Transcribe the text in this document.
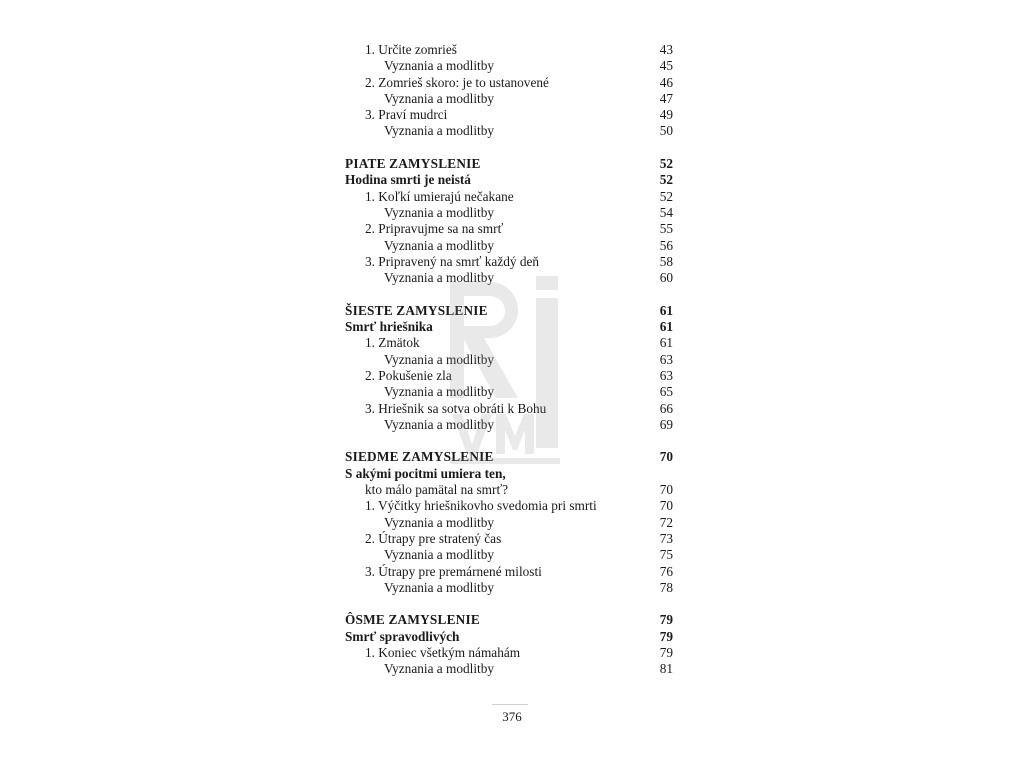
1. Určite zomrieš	43
Vyznania a modlitby	45
2. Zomrieš skoro: je to ustanovené	46
Vyznania a modlitby	47
3. Praví mudrci	49
Vyznania a modlitby	50
PIATE ZAMYSLENIE	52
Hodina smrti je neistá	52
1. Koľkí umierajú nečakane	52
Vyznania a modlitby	54
2. Pripravujme sa na smrť	55
Vyznania a modlitby	56
3. Pripravený na smrť každý deň	58
Vyznania a modlitby	60
ŠIESTE ZAMYSLENIE	61
Smrť hriešnika	61
1. Zmätok	61
Vyznania a modlitby	63
2. Pokušenie zla	63
Vyznania a modlitby	65
3. Hriešnik sa sotva obráti k Bohu	66
Vyznania a modlitby	69
SIEDME ZAMYSLENIE	70
S akými pocitmi umiera ten,
kto málo pamätal na smrť?	70
1. Výčitky hriešnikovho svedomia pri smrti	70
Vyznania a modlitby	72
2. Útrapy pre stratený čas	73
Vyznania a modlitby	75
3. Útrapy pre premárnené milosti	76
Vyznania a modlitby	78
ÔSME ZAMYSLENIE	79
Smrť spravodlivých	79
1. Koniec všetkým námahám	79
Vyznania a modlitby	81
376
